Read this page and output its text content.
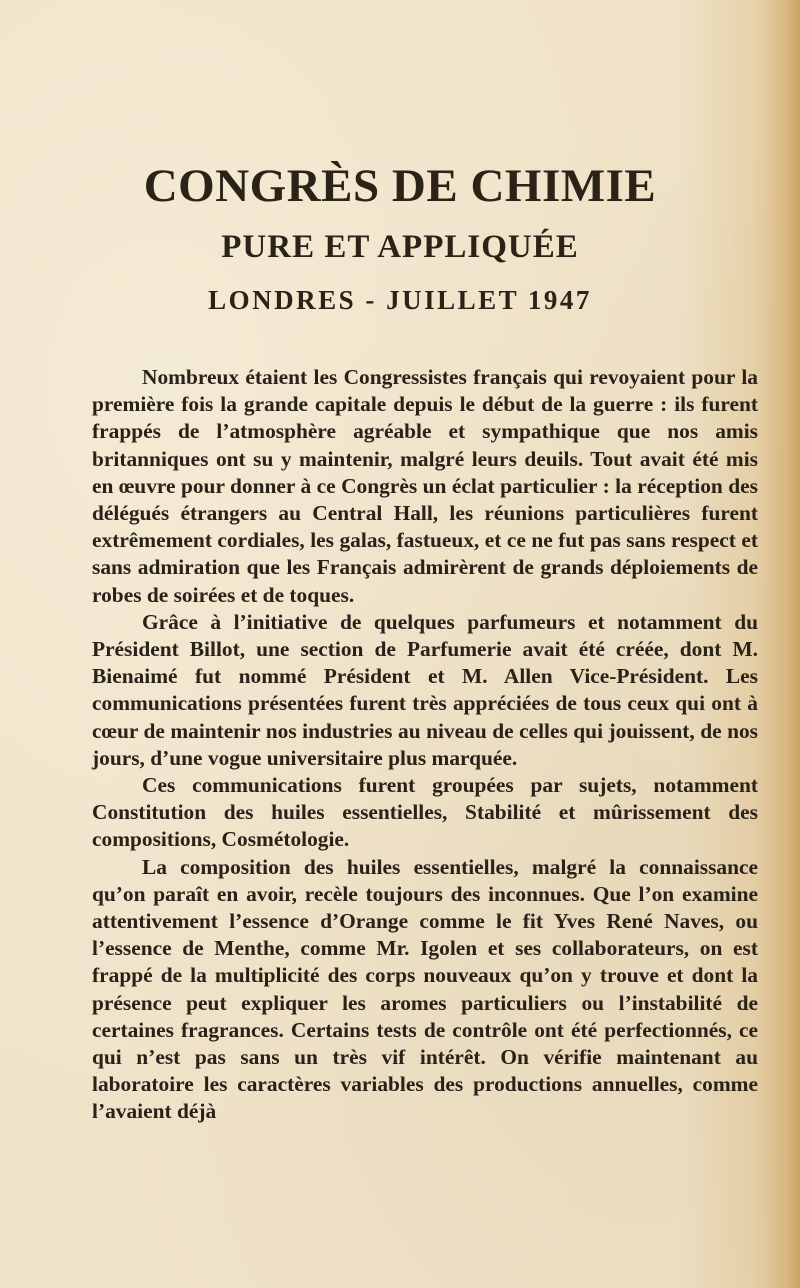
CONGRÈS DE CHIMIE
PURE ET APPLIQUÉE
LONDRES - JUILLET 1947

Nombreux étaient les Congressistes français qui revoyaient pour la première fois la grande capitale depuis le début de la guerre : ils furent frappés de l’atmosphère agréable et sympathique que nos amis britanniques ont su y maintenir, malgré leurs deuils. Tout avait été mis en œuvre pour donner à ce Congrès un éclat particulier : la réception des délégués étrangers au Central Hall, les réunions particulières furent extrêmement cordiales, les galas, fastueux, et ce ne fut pas sans respect et sans admiration que les Français admirèrent de grands déploiements de robes de soirées et de toques.

Grâce à l’initiative de quelques parfumeurs et notamment du Président Billot, une section de Parfumerie avait été créée, dont M. Bienaimé fut nommé Président et M. Allen Vice-Président. Les communications présentées furent très appréciées de tous ceux qui ont à cœur de maintenir nos industries au niveau de celles qui jouissent, de nos jours, d’une vogue universitaire plus marquée.

Ces communications furent groupées par sujets, notamment Constitution des huiles essentielles, Stabilité et mûrissement des compositions, Cosmétologie.

La composition des huiles essentielles, malgré la connaissance qu’on paraît en avoir, recèle toujours des inconnues. Que l’on examine attentivement l’essence d’Orange comme le fit Yves René Naves, ou l’essence de Menthe, comme Mr. Igolen et ses collaborateurs, on est frappé de la multiplicité des corps nouveaux qu’on y trouve et dont la présence peut expliquer les aromes particuliers ou l’instabilité de certaines fragrances. Certains tests de contrôle ont été perfectionnés, ce qui n’est pas sans un très vif intérêt. On vérifie maintenant au laboratoire les caractères variables des productions annuelles, comme l’avaient déjà
